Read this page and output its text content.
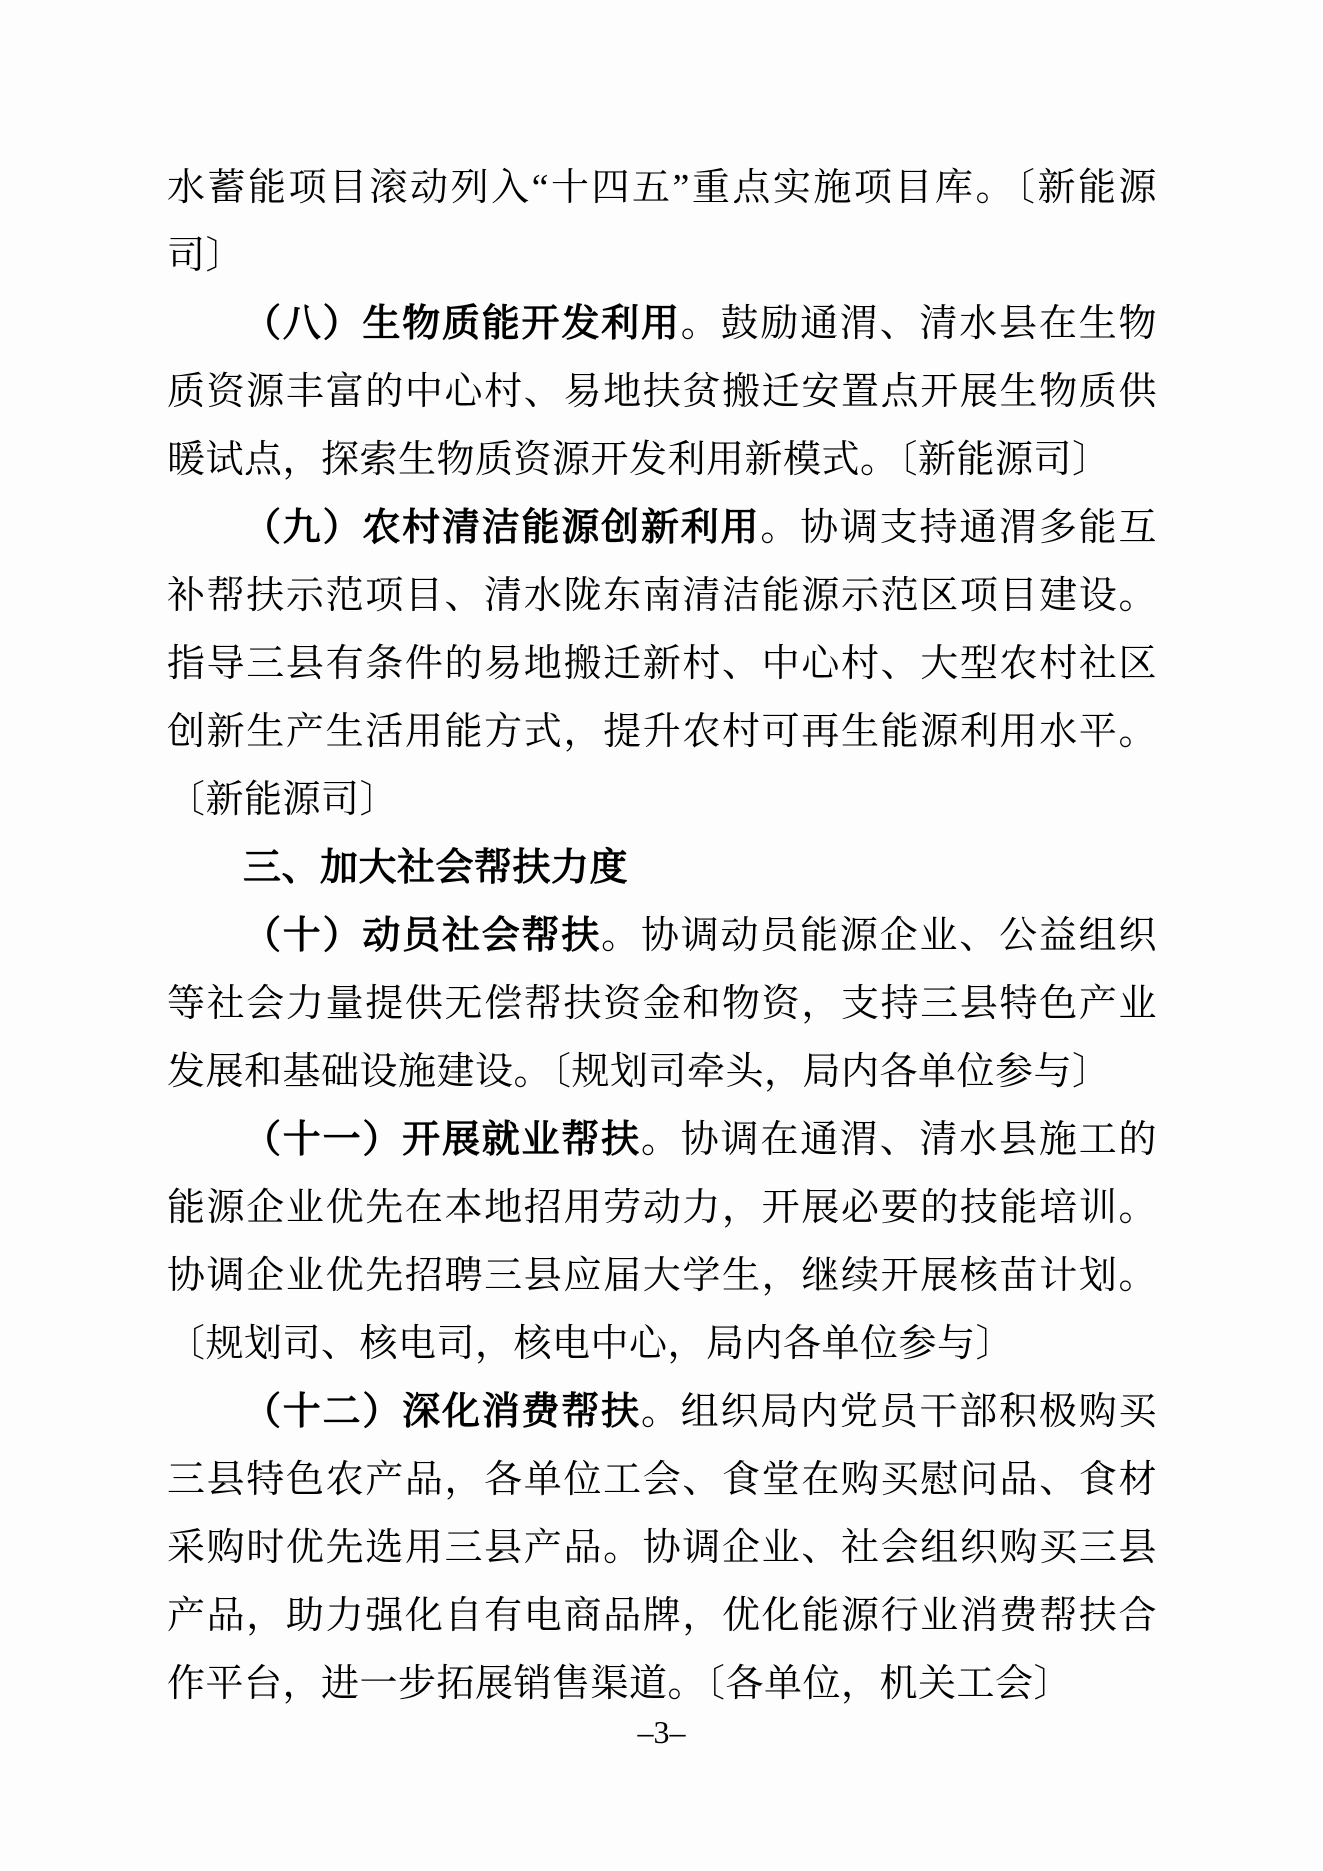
水蓄能项目滚动列入“十四五”重点实施项目库。〔新能源司〕

（八）生物质能开发利用。鼓励通渭、清水县在生物质资源丰富的中心村、易地扶贫搬迁安置点开展生物质供暖试点，探索生物质资源开发利用新模式。〔新能源司〕

（九）农村清洁能源创新利用。协调支持通渭多能互补帮扶示范项目、清水陇东南清洁能源示范区项目建设。指导三县有条件的易地搬迁新村、中心村、大型农村社区创新生产生活用能方式，提升农村可再生能源利用水平。〔新能源司〕

三、加大社会帮扶力度

（十）动员社会帮扶。协调动员能源企业、公益组织等社会力量提供无偿帮扶资金和物资，支持三县特色产业发展和基础设施建设。〔规划司牵头，局内各单位参与〕

（十一）开展就业帮扶。协调在通渭、清水县施工的能源企业优先在本地招用劳动力，开展必要的技能培训。协调企业优先招聘三县应届大学生，继续开展核苗计划。〔规划司、核电司，核电中心，局内各单位参与〕

（十二）深化消费帮扶。组织局内党员干部积极购买三县特色农产品，各单位工会、食堂在购买慰问品、食材采购时优先选用三县产品。协调企业、社会组织购买三县产品，助力强化自有电商品牌，优化能源行业消费帮扶合作平台，进一步拓展销售渠道。〔各单位，机关工会〕

–3–
